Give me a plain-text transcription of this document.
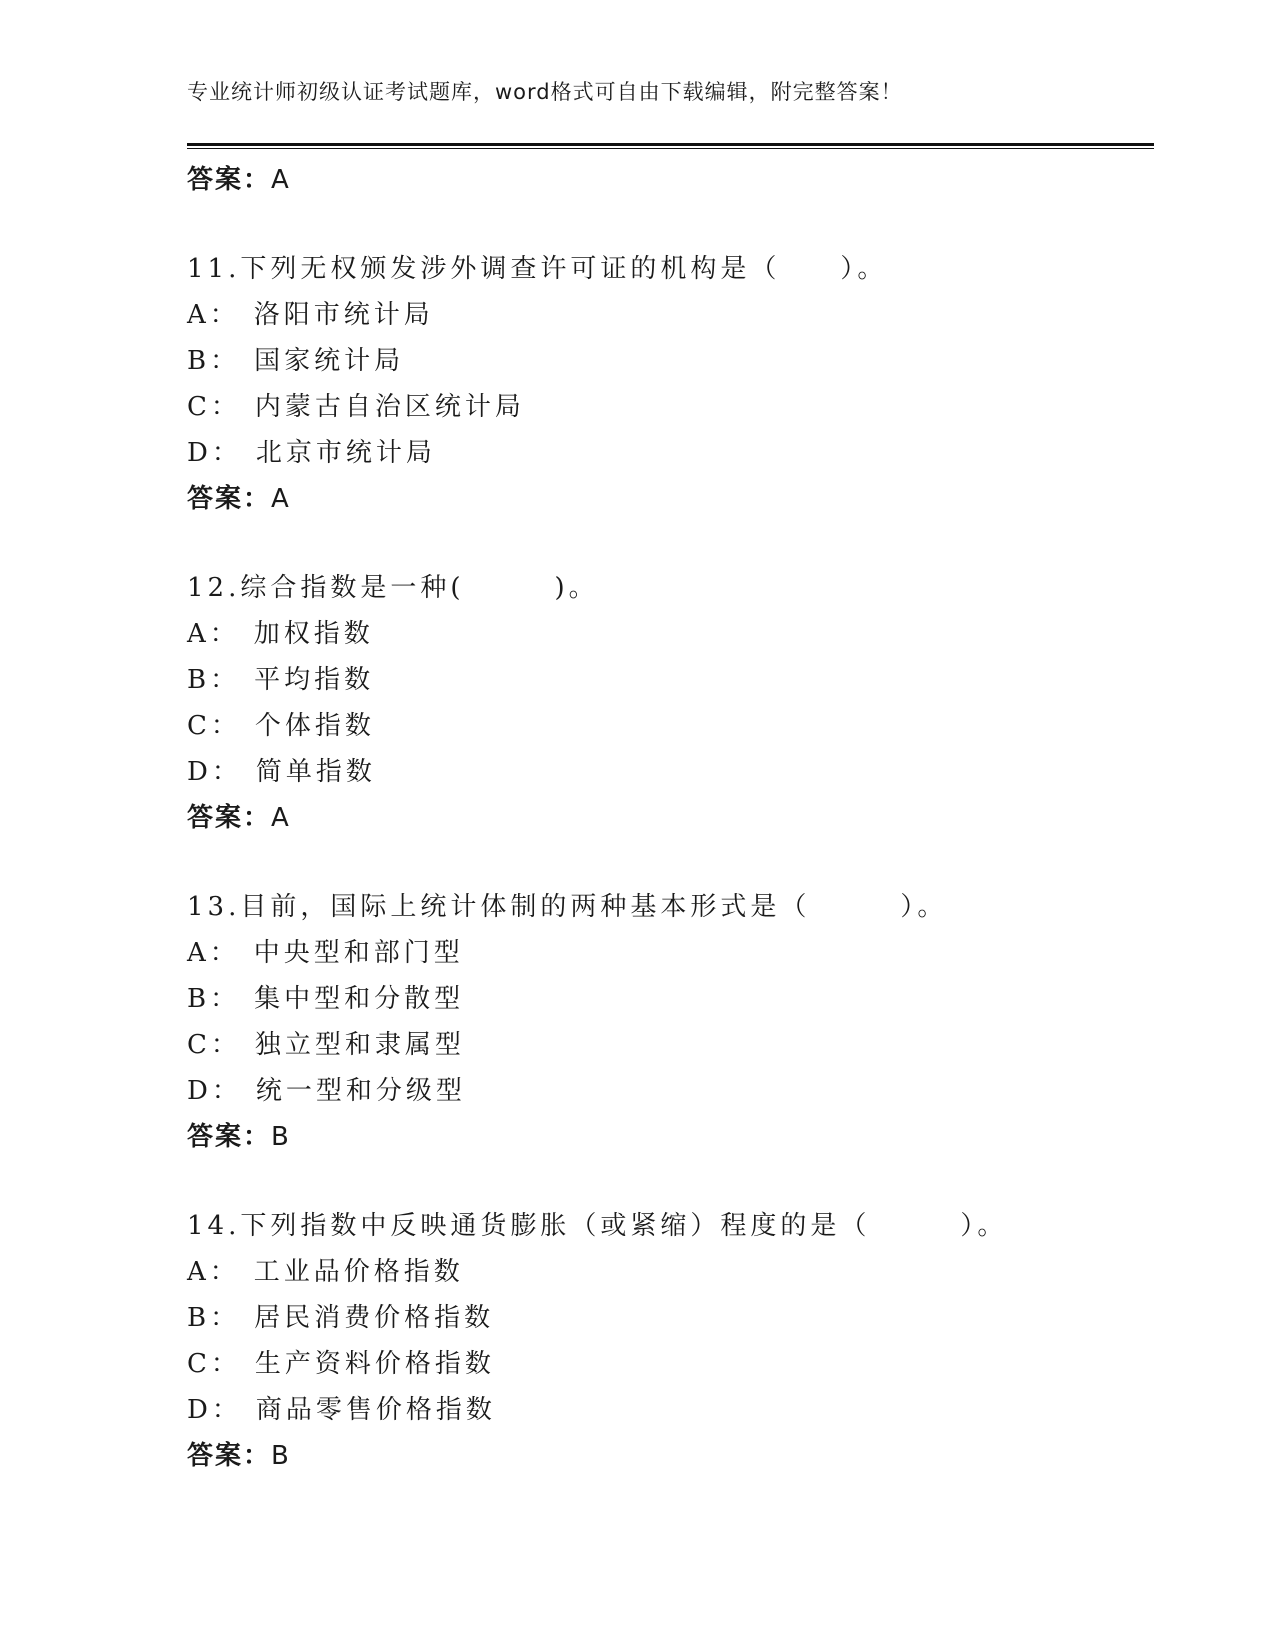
专业统计师初级认证考试题库，word格式可自由下载编辑，附完整答案！
答案：A
11.下列无权颁发涉外调查许可证的机构是（　　）。
A： 洛阳市统计局
B： 国家统计局
C： 内蒙古自治区统计局
D： 北京市统计局
答案：A
12.综合指数是一种(　　　)。
A： 加权指数
B： 平均指数
C： 个体指数
D： 简单指数
答案：A
13.目前，国际上统计体制的两种基本形式是（　　　）。
A： 中央型和部门型
B： 集中型和分散型
C： 独立型和隶属型
D： 统一型和分级型
答案：B
14.下列指数中反映通货膨胀（或紧缩）程度的是（　　　）。
A： 工业品价格指数
B： 居民消费价格指数
C： 生产资料价格指数
D： 商品零售价格指数
答案：B
